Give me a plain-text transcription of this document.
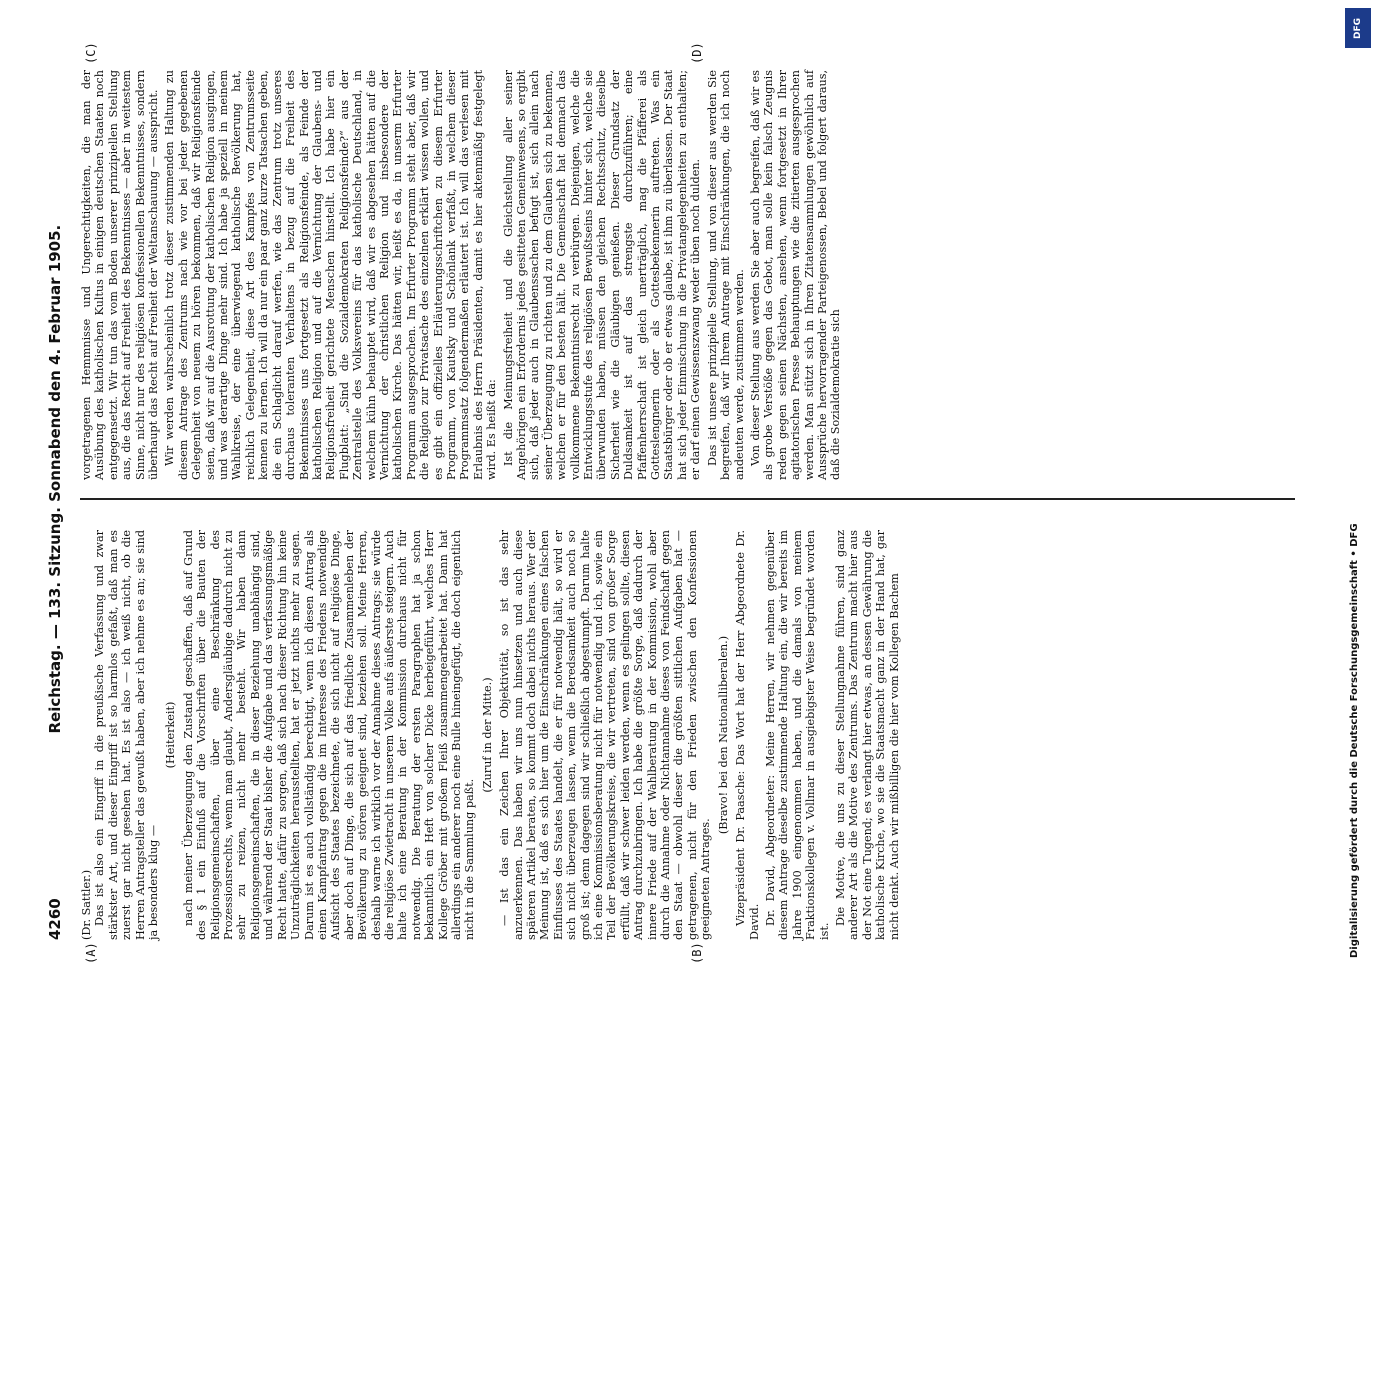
4260
Reichstag. — 133. Sitzung. Sonnabend den 4. Februar 1905.
(Dr. Sattler.) Das ist also ein Eingriff in die preußische Verfassung und zwar stärkster Art, und dieser Eingriff ist so harmlos gefaßt, daß man es zuerst gar nicht gesehen hat. Es ist also — ich weiß nicht, ob die Herren Antragsteller das gewußt haben, aber ich nehme es an; sie sind ja besonders klug —

(Heiterkeit) nach meiner Überzeugung den Zustand geschaffen, daß auf Grund des § 1 ein Einfluß auf die Vorschriften über die Bauten der Religionsgemeinschaften, über eine Beschränkung des Prozessionsrechts, wenn man glaubt, Andersgläubige dadurch nicht zu sehr zu reizen, nicht mehr besteht. Wir haben dann Religionsgemeinschaften, die in dieser Beziehung unabhängig sind, und während der Staat bisher die Aufgabe und das verfassungsmäßige Recht hatte, dafür zu sorgen, daß sich nach dieser Richtung hin keine Unzuträglichkeiten herausstellten, hat er jetzt nichts mehr zu sagen. Darum ist es auch vollständig berechtigt, wenn ich diesen Antrag als einen Kampfantrag gegen die im Interesse des Friedens notwendige Aufsicht des Staates bezeichnete, die sich nicht auf religiöse Dinge, aber doch auf Dinge, die sich auf das friedliche Zusammenleben der Bevölkerung zu stören geeignet sind, beziehen soll. Meine Herren, deshalb warne ich wirklich vor der Annahme dieses Antrags; sie würde die religiöse Zwietracht in unserem Volke aufs äußerste steigern. Auch halte ich eine Beratung in der Kommission durchaus nicht für notwendig. Die Beratung der ersten Paragraphen hat ja schon bekanntlich ein Heft von solcher Dicke herbeigeführt, welches Herr Kollege Gröber mit großem Fleiß zusammengearbeitet hat. Dann hat allerdings ein anderer noch eine Bulle hineingefügt, die doch eigentlich nicht in die Sammlung paßt.

(Zuruf in der Mitte.) — Ist das ein Zeichen Ihrer Objektivität, so ist das sehr anzuerkennen. Das haben wir uns nun hinsetzen und auch diese späteren Artikel beraten, so kommt doch dabei nichts heraus. Wer der Meinung ist, daß es sich hier um die Einschränkungen eines falschen Einflusses des Staates handelt, die er für notwendig hält, so wird er sich nicht überzeugen lassen, wenn die Beredsamkeit auch noch so groß ist; denn dagegen sind wir schließlich abgestumpft. Darum halte ich eine Kommissionsberatung nicht für notwendig und ich, sowie ein Teil der Bevölkerungskreise, die wir vertreten, sind von großer Sorge erfüllt, daß wir schwer leiden werden, wenn es gelingen sollte, diesen Antrag durchzubringen. Ich habe die größte Sorge, daß dadurch der innere Friede auf der Wahlberatung in der Kommission, wohl aber durch die Annahme oder Nichtannahme dieses von Feindschaft gegen den Staat — obwohl dieser die größten sittlichen Aufgaben hat — getragenen, nicht für den Frieden zwischen den Konfessionen geeigneten Antrages.

(Bravo! bei den Nationalliberalen.) Vizepräsident Dr. Paasche: Das Wort hat der Herr Abgeordnete Dr. David. Dr. David, Abgeordneter: Meine Herren, wir nehmen gegenüber diesem Antrage dieselbe zustimmende Haltung ein, die wir bereits im Jahre 1900 eingenommen haben, und die damals von meinem Fraktionskollegen v. Vollmar in ausgiebigster Weise begründet worden ist.

Die Motive, die uns zu dieser Stellungnahme führen, sind ganz anderer Art als die Motive des Zentrums. Das Zentrum macht hier aus der Not eine Tugend; es verlangt hier etwas, an dessen Gewährung die katholische Kirche, wo sie die Staatsmacht ganz in der Hand hat, gar nicht denkt. Auch wir mißbilligen die hier vom Kollegen Bachem

vorgetragenen Hemmnisse und Ungerechtigkeiten, die man der Ausübung des katholischen Kultus in einigen deutschen Staaten noch entgegensetzt. Wir tun das vom Boden unserer prinzipiellen Stellung aus, die das Recht auf Freiheit des Bekenntnisses — aber in weitestem Sinne, nicht nur des religiösen konfessionellen Bekenntnisses, sondern überhaupt das Recht auf Freiheit der Weltanschauung — ausspricht. Wir werden wahrscheinlich trotz dieser zustimmenden Haltung zu diesem Antrage des Zentrums nach wie vor bei jeder gegebenen Gelegenheit von neuem zu hören bekommen, daß wir Religionsfeinde seien, daß wir auf die Ausrottung der katholischen Religion ausgingen, und was derartige Dinge mehr sind. Ich habe ja speziell in meinem Wahlkreise, der eine überwiegend katholische Bevölkerung hat, reichlich Gelegenheit, diese Art des Kampfes von Zentrumsseite kennen zu lernen. Ich will da nur ein paar ganz kurze Tatsachen geben, die ein Schlaglicht darauf werfen, wie das Zentrum trotz unseres durchaus toleranten Verhaltens in bezug auf die Freiheit des Bekenntnisses uns fortgesetzt als Religionsfeinde, als Feinde der katholischen Religion und auf die Vernichtung der Glaubens- und Religionsfreiheit gerichtete Menschen hinstellt. Ich habe hier ein Flugblatt: „Sind die Sozialdemokraten Religionsfeinde?“ aus der Zentralstelle des Volksvereins für das katholische Deutschland, in welchem kühn behauptet wird, daß wir es abgesehen hätten auf die Vernichtung der christlichen Religion und insbesondere der katholischen Kirche. Das hätten wir, heißt es da, in unserm Erfurter Programm ausgesprochen. Im Erfurter Programm steht aber, daß wir die Religion zur Privatsache des einzelnen erklärt wissen wollen, und es gibt ein offizielles Erläuterungsschriftchen zu diesem Erfurter Programm, von Kautsky und Schönlank verfaßt, in welchem dieser Programmsatz folgendermaßen erläutert ist. Ich will das verlesen mit Erlaubnis des Herrn Präsidenten, damit es hier aktenmäßig festgelegt wird. Es heißt da: Ist die Meinungsfreiheit und die Gleichstellung aller seiner Angehörigen ein Erfordernis jedes gesitteten Gemeinwesens, so ergibt sich, daß jeder auch in Glaubenssachen befugt ist, sich allein nach seiner Überzeugung zu richten und zu dem Glauben sich zu bekennen, welchen er für den besten hält. Die Gemeinschaft hat demnach das vollkommene Bekenntnisrecht zu verbürgen. Diejenigen, welche die Entwicklungsstufe des religiösen Bewußtseins hinter sich, welche sie überwunden haben, müssen den gleichen Rechtsschutz, dieselbe Sicherheit wie die Gläubigen genießen. Dieser Grundsatz der Duldsamkeit ist auf das strengste durchzuführen; eine Pfaffenherrschaft ist gleich unerträglich, mag die Pfäfferei als Gotteslengnerin oder als Gottesbekennerin auftreten. Was ein Staatsbürger oder ob er etwas glaube, ist ihm zu überlassen. Der Staat hat sich jeder Einmischung in die Privatangelegenheiten zu enthalten; er darf einen Gewissenszwang weder üben noch dulden. Das ist unsere prinzipielle Stellung, und von dieser aus werden Sie begreifen, daß wir Ihrem Antrage mit Einschränkungen, die ich noch andeuten werde, zustimmen werden. Von dieser Stellung aus werden Sie aber auch begreifen, daß wir es als grobe Verstöße gegen das Gebot, man solle kein falsch Zeugnis reden gegen seinen Nächsten, ansehen, wenn fortgesetzt in Ihrer agitatorischen Presse Behauptungen wie die zitierten ausgesprochen werden. Man stützt sich in Ihren Zitatensammlungen gewöhnlich auf Aussprüche hervorragender Parteigenossen, Bebel und folgert daraus, daß die Sozialdemokratie sich

(A)	(B)
(C)	(D)
DFG
Digitalisierung gefördert durch die Deutsche Forschungsgemeinschaft • DFG
